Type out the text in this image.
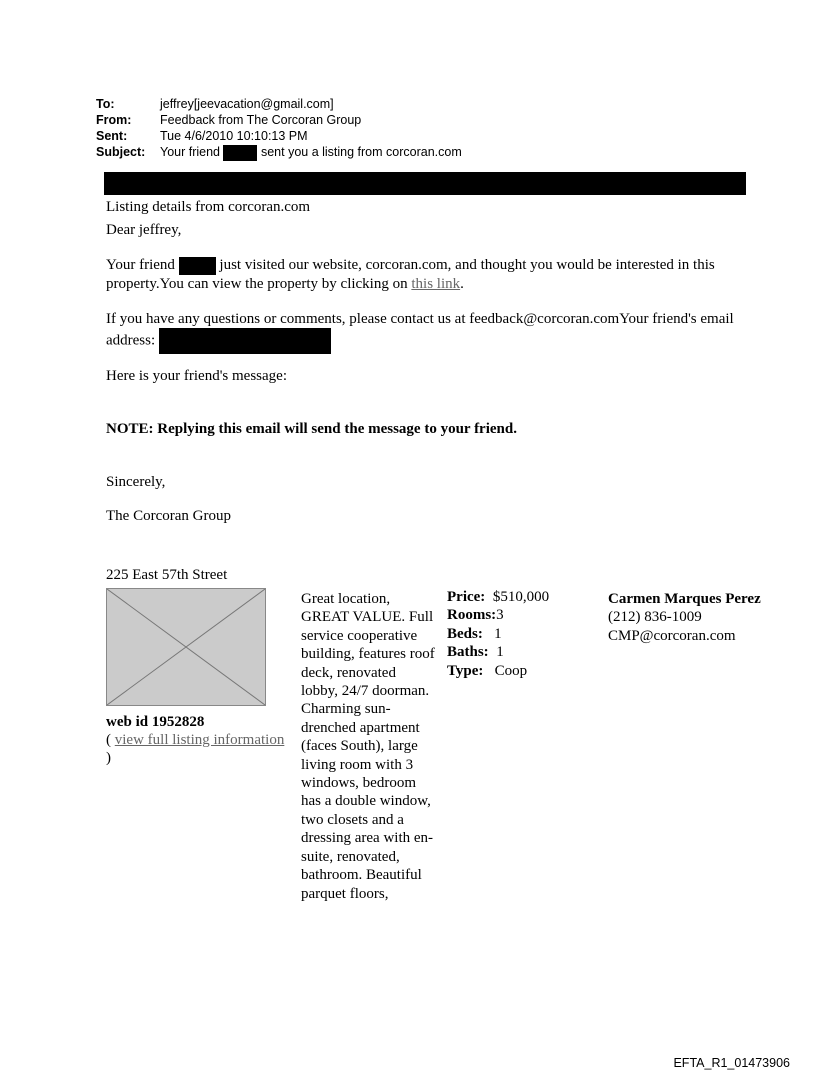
To:	jeffrey[jeevacation@gmail.com]
From: Feedback from The Corcoran Group
Sent:	Tue 4/6/2010 10:10:13 PM
Subject: Your friend	sent you a listing from corcoran.com

Listing details from corcoran.com

Dear jeffrey,

Your friend	just visited our website, corcoran.com, and thought you would be interested in this property.You can view the property by clicking on this link.

If you have any questions or comments, please contact us at feedback@corcoran.comYour friend's email address:

Here is your friend's message:

NOTE: Replying this email will send the message to your friend.

Sincerely,

The Corcoran Group

225 East 57th Street
web id 1952828
( view full listing information
)
Great location, GREAT VALUE. Full service cooperative building, features roof deck, renovated lobby, 24/7 doorman. Charming sun-drenched apartment (faces South), large living room with 3 windows, bedroom has a double window, two closets and a dressing area with en-suite, renovated, bathroom. Beautiful parquet floors,
Price: $510,000
Rooms:3
Beds: 1
Baths: 1
Type: Coop
Carmen Marques Perez
(212) 836-1009
CMP@corcoran.com
EFTA_R1_01473906
